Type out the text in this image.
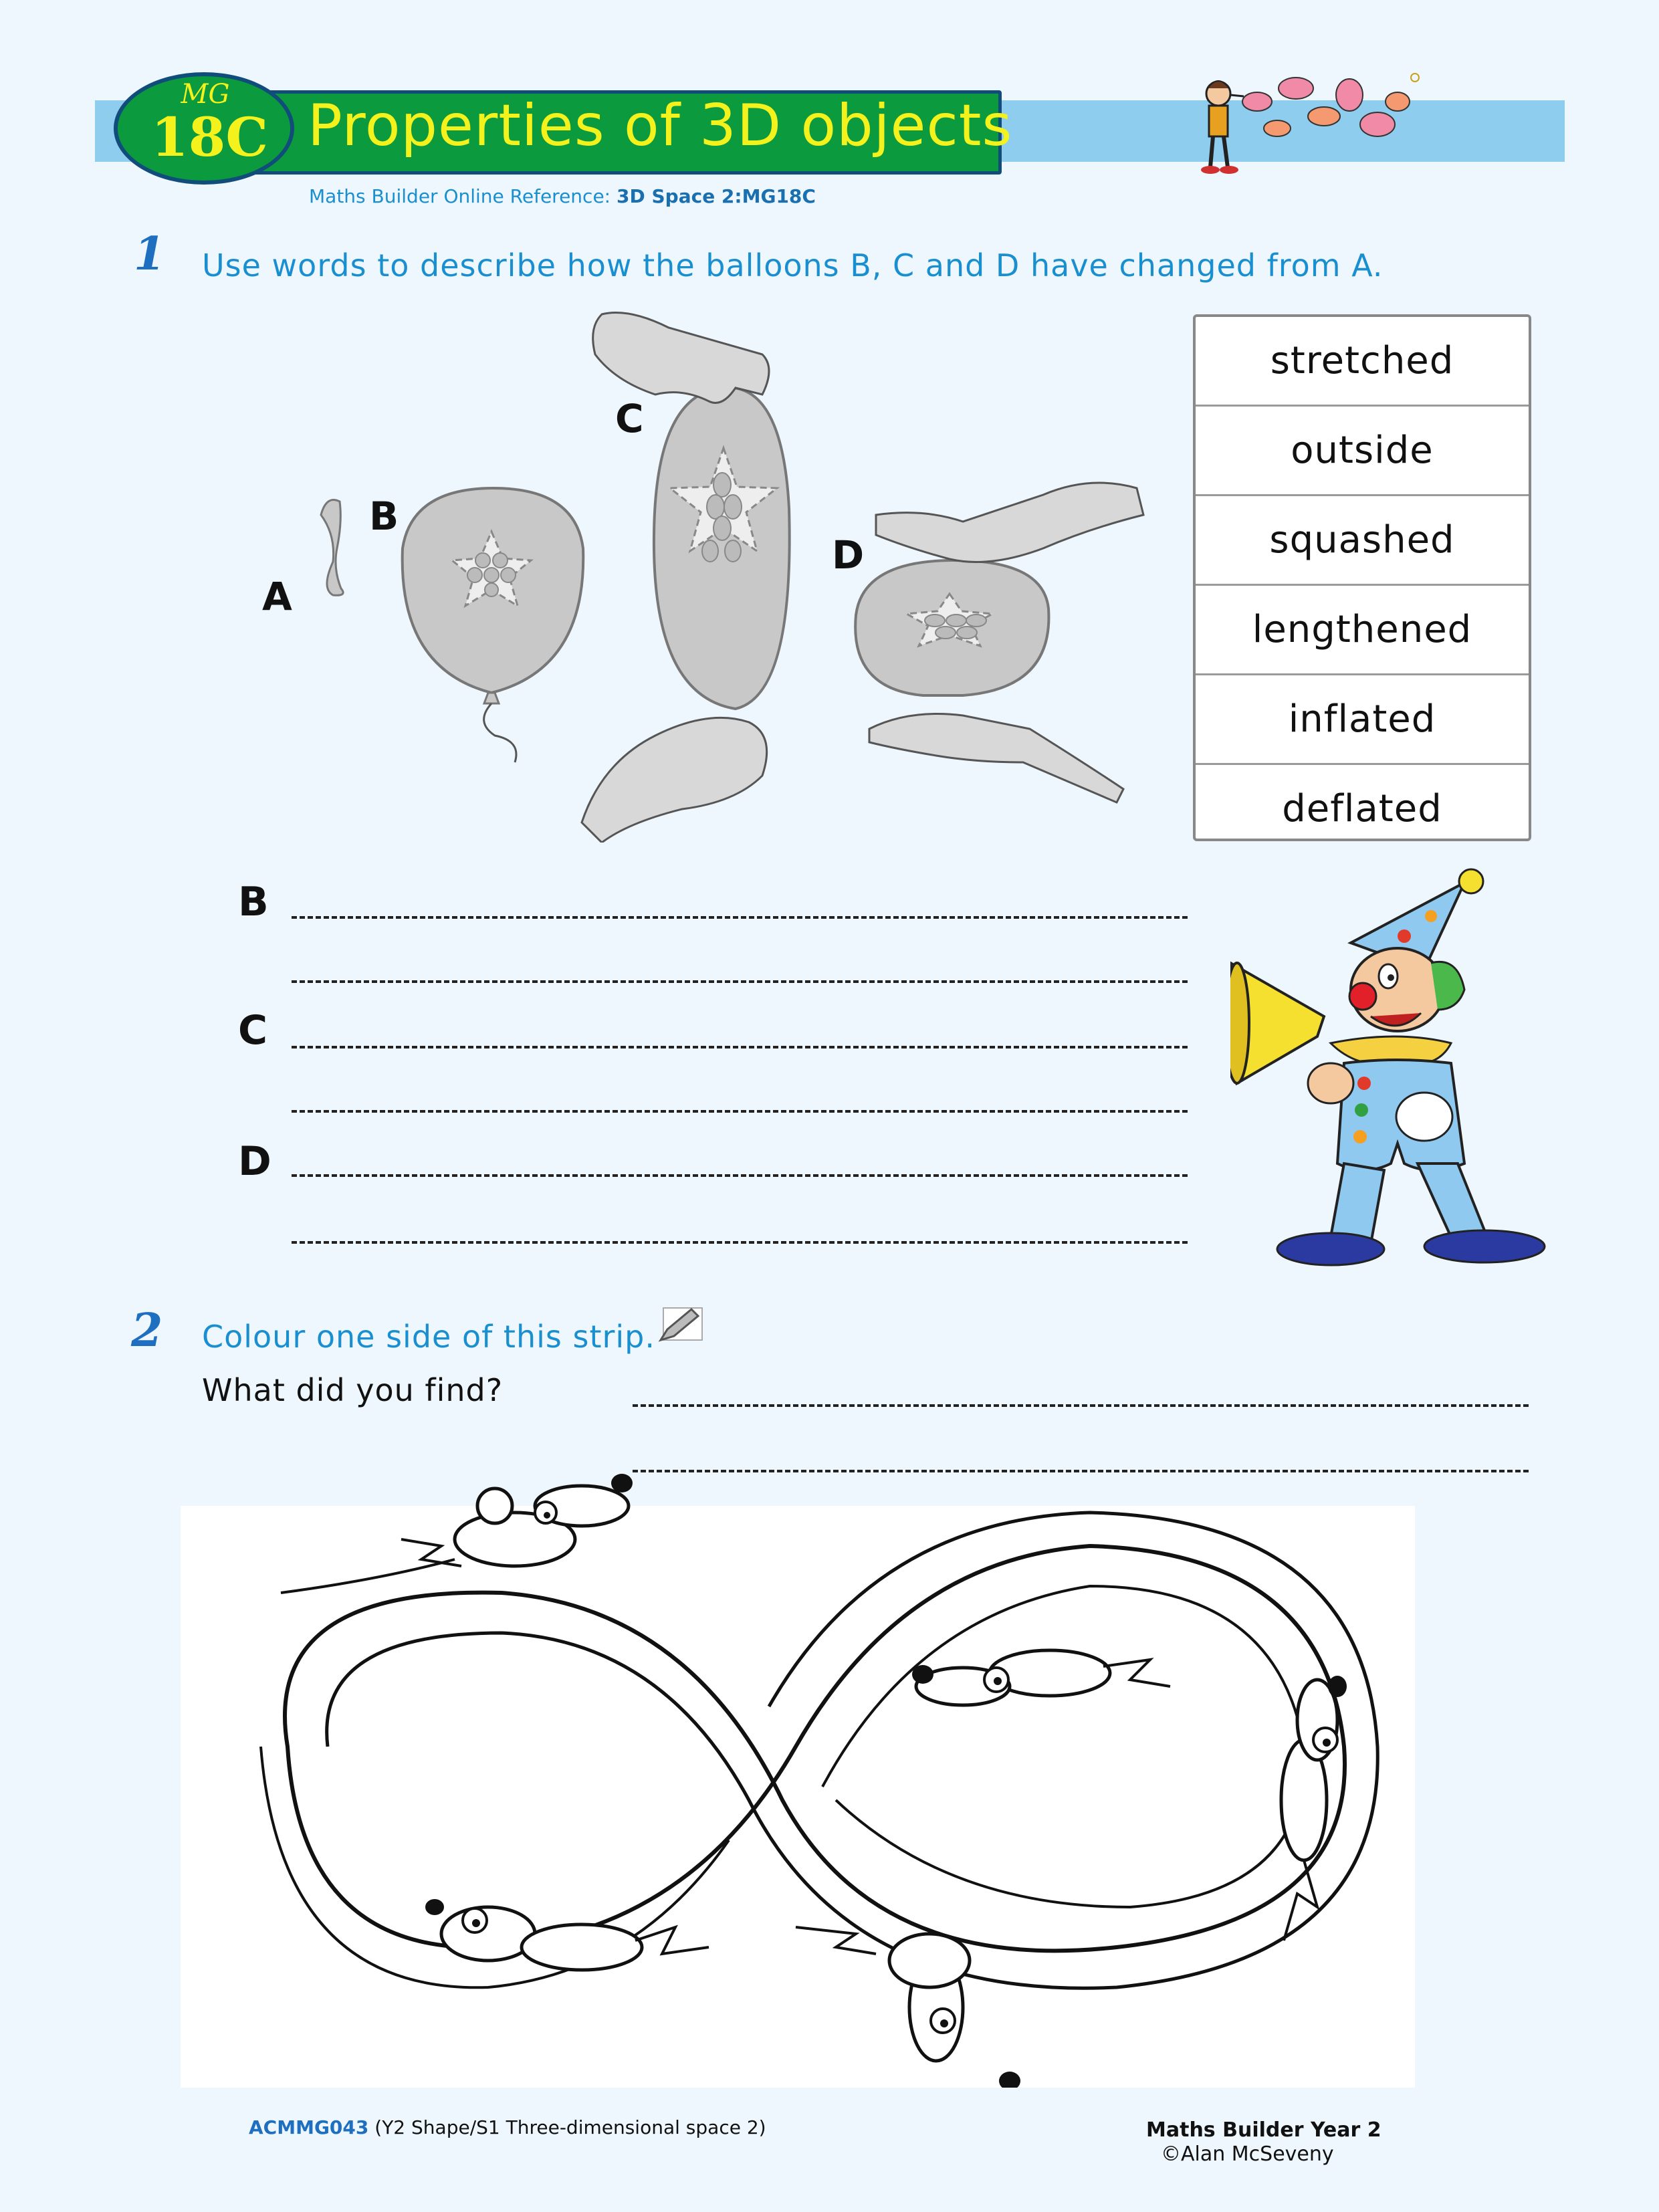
MG
18C Properties of 3D objects
Maths Builder Online Reference: 3D Space 2:MG18C
1 Use words to describe how the balloons B, C and D have changed from A.
A
B
C
D
stretched
outside
squashed
lengthened
inflated
deflated
B
C
D
2 Colour one side of this strip.
What did you find?
ACMMG043 (Y2 Shape/S1 Three-dimensional space 2)	Maths Builder Year 2
©Alan McSeveny
